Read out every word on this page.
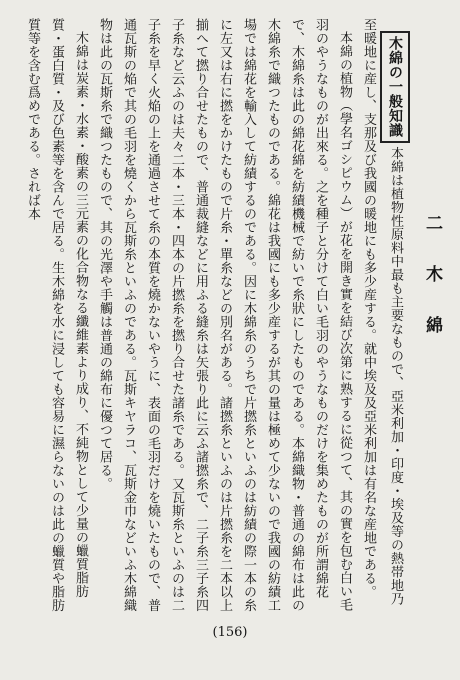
二 木 綿

木綿の一般知識本綿は植物性原料中最も主要なもので、亞米利加・印度・埃及等の熱帯地乃至暖地に産し、支那及び我國の暖地にも多少産する。就中埃及及亞米利加は有名な産地である。

本綿の植物（學名ゴシピウム）が花を開き實を結び次第に熟するに從つて、其の實を包む白い毛羽のやうなものが出來る。之を種子と分けて白い毛羽のやうなものだけを集めたものが所謂綿花で、木綿糸は此の綿花綿を紡績機械で紡いで糸狀にしたものである。本綿織物・普通の綿布は此の木綿糸で織つたものである。綿花は我國にも多少産するが其の量は極めて少ないので我國の紡績工場では綿花を輸入して紡績するのである。因に木綿糸のうちで片撚糸といふのは紡績の際一本の糸に左又は右に撚をかけたもので片糸・單糸などの別名がある。諸撚糸といふのは片撚糸を二本以上揃へて撚り合せたもので、普通裁縫などに用ふる縫糸は矢張り此に云ふ諸撚糸で、二子糸三子糸四子糸など云ふのは夫々二本・三本・四本の片撚糸を撚り合せた諸糸である。又瓦斯糸といふのは二子糸を早く火焔の上を通過させて糸の本質を燒かないやうに、表面の毛羽だけを燒いたもので、普通瓦斯の焔で其の毛羽を燒くから瓦斯糸といふのである。瓦斯キヤラコ、瓦斯金巾などいふ木綿織物は此の瓦斯糸で織つたもので、其の光澤や手觸は普通の綿布に優つて居る。

木綿は炭素・水素・酸素の三元素の化合物なる纖維素より成り、不純物として少量の蠟質脂肪質・蛋白質・及び色素等を含んで居る。生木綿を水に浸しても容易に濕らないのは此の蠟質や脂肪質等を含む爲めである。されば本

(156)
